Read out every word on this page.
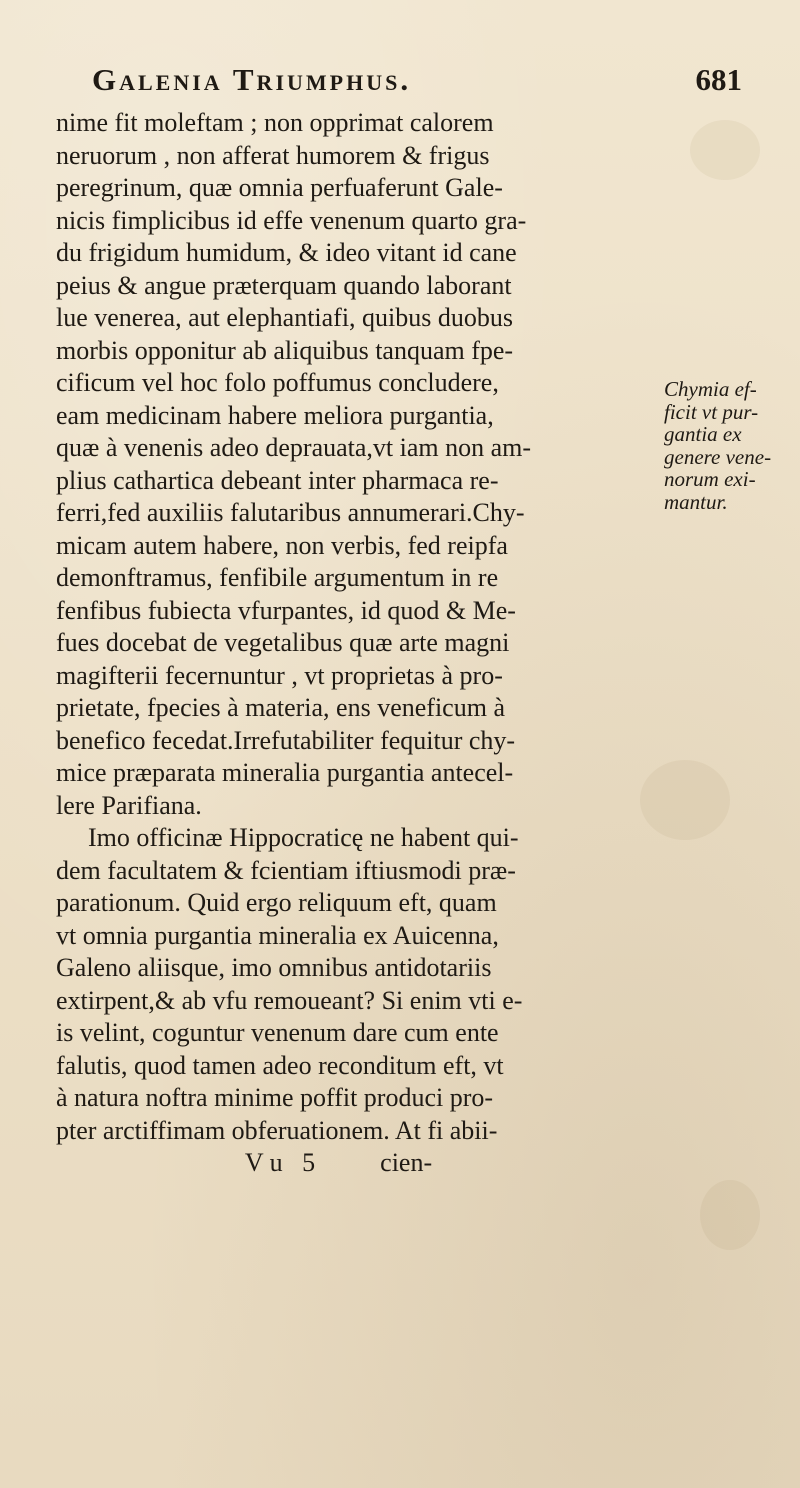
Galenia Triumphus.	681
nime fit moleftam ; non opprimat calorem
neruorum , non afferat humorem & frigus
peregrinum, quæ omnia perfuaferunt Gale-
nicis fimplicibus id effe venenum quarto gra-
du frigidum humidum, & ideo vitant id cane
peius & angue præterquam quando laborant
lue venerea, aut elephantiafi, quibus duobus
morbis opponitur ab aliquibus tanquam fpe-
cificum vel hoc folo poffumus concludere,
eam medicinam habere meliora purgantia,
quæ à venenis adeo deprauata,vt iam non am-
plius cathartica debeant inter pharmaca re-
ferri,fed auxiliis falutaribus annumerari.Chy-
micam autem habere, non verbis, fed reipfa
demonftramus, fenfibile argumentum in re
fenfibus fubiecta vfurpantes, id quod & Me-
fues docebat de vegetalibus quæ arte magni
magifterii fecernuntur , vt proprietas à pro-
prietate, fpecies à materia, ens veneficum à
benefico fecedat.Irrefutabiliter fequitur chy-
mice præparata mineralia purgantia antecel-
lere Parifiana.
Imo officinæ Hippocraticę ne habent qui-
dem facultatem & fcientiam iftiusmodi præ-
parationum. Quid ergo reliquum eft, quam
vt omnia purgantia mineralia ex Auicenna,
Galeno aliisque, imo omnibus antidotariis
extirpent,& ab vfu remoueant? Si enim vti e-
is velint, coguntur venenum dare cum ente
falutis, quod tamen adeo reconditum eft, vt
à natura noftra minime poffit produci pro-
pter arctiffimam obferuationem. At fi abii-
V u   5          cien-
Chymia ef-
ficit vt pur-
gantia ex
genere vene-
norum exi-
mantur.
